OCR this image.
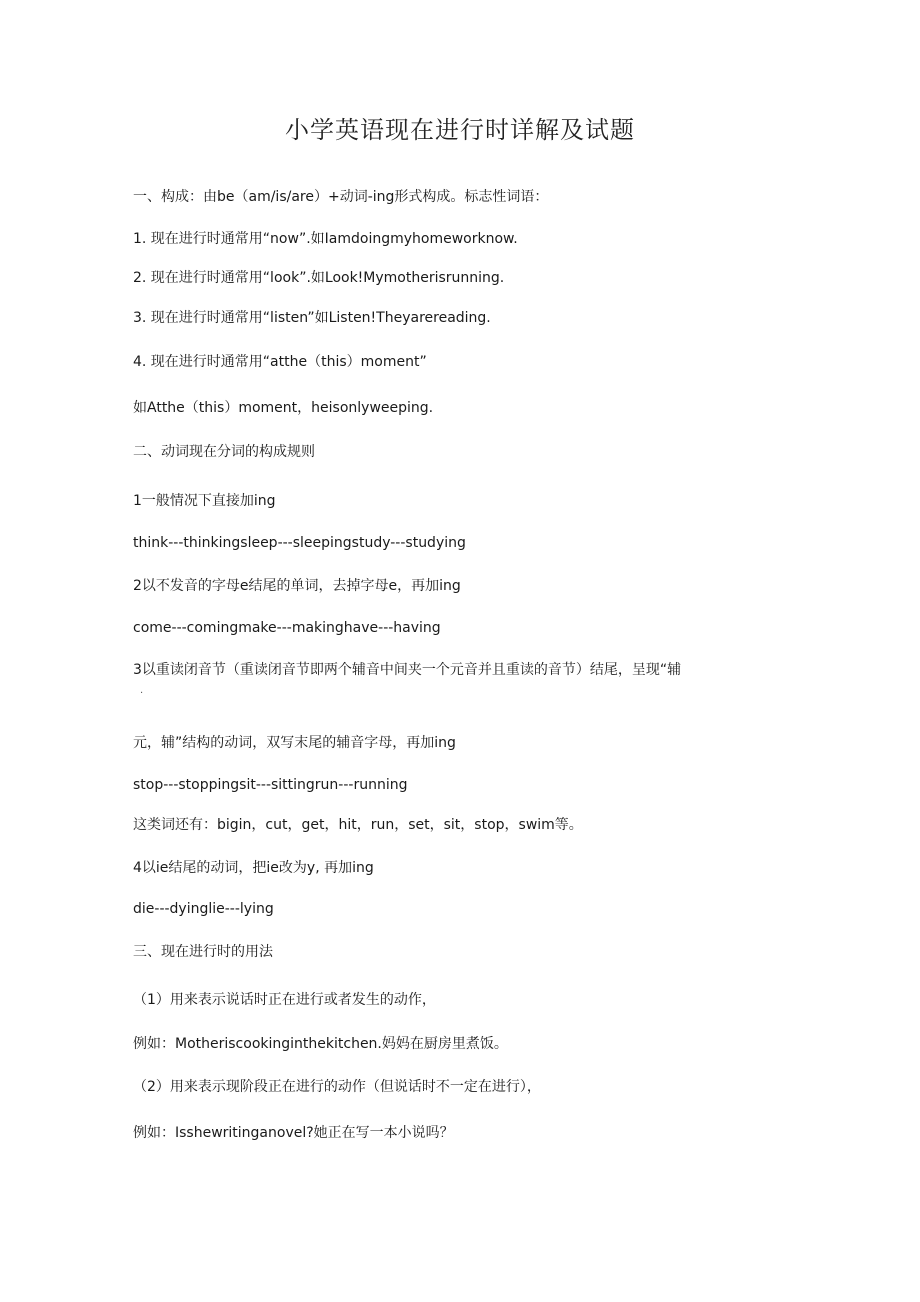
小学英语现在进行时详解及试题
一、构成：由be（am/is/are）+动词-ing形式构成。标志性词语：
1. 现在进行时通常用“now”.如Iamdoingmyhomeworknow.
2. 现在进行时通常用“look”.如Look!Mymotherisrunning.
3. 现在进行时通常用“listen”如Listen!Theyarereading.
4. 现在进行时通常用“atthe（this）moment”
如Atthe（this）moment，heisonlyweeping.
二、动词现在分词的构成规则
1一般情况下直接加ing
think---thinkingsleep---sleepingstudy---studying
2以不发音的字母e结尾的单词，去掉字母e，再加ing
come---comingmake---makinghave---having
3以重读闭音节（重读闭音节即两个辅音中间夹一个元音并且重读的音节）结尾，呈现“辅
·
元，辅”结构的动词，双写末尾的辅音字母，再加ing
stop---stoppingsit---sittingrun---running
这类词还有：bigin，cut，get，hit，run，set，sit，stop，swim等。
4以ie结尾的动词，把ie改为y, 再加ing
die---dyinglie---lying
三、现在进行时的用法
（1）用来表示说话时正在进行或者发生的动作，
例如：Motheriscookinginthekitchen.妈妈在厨房里煮饭。
（2）用来表示现阶段正在进行的动作（但说话时不一定在进行），
例如：Isshewritinganovel?她正在写一本小说吗？
